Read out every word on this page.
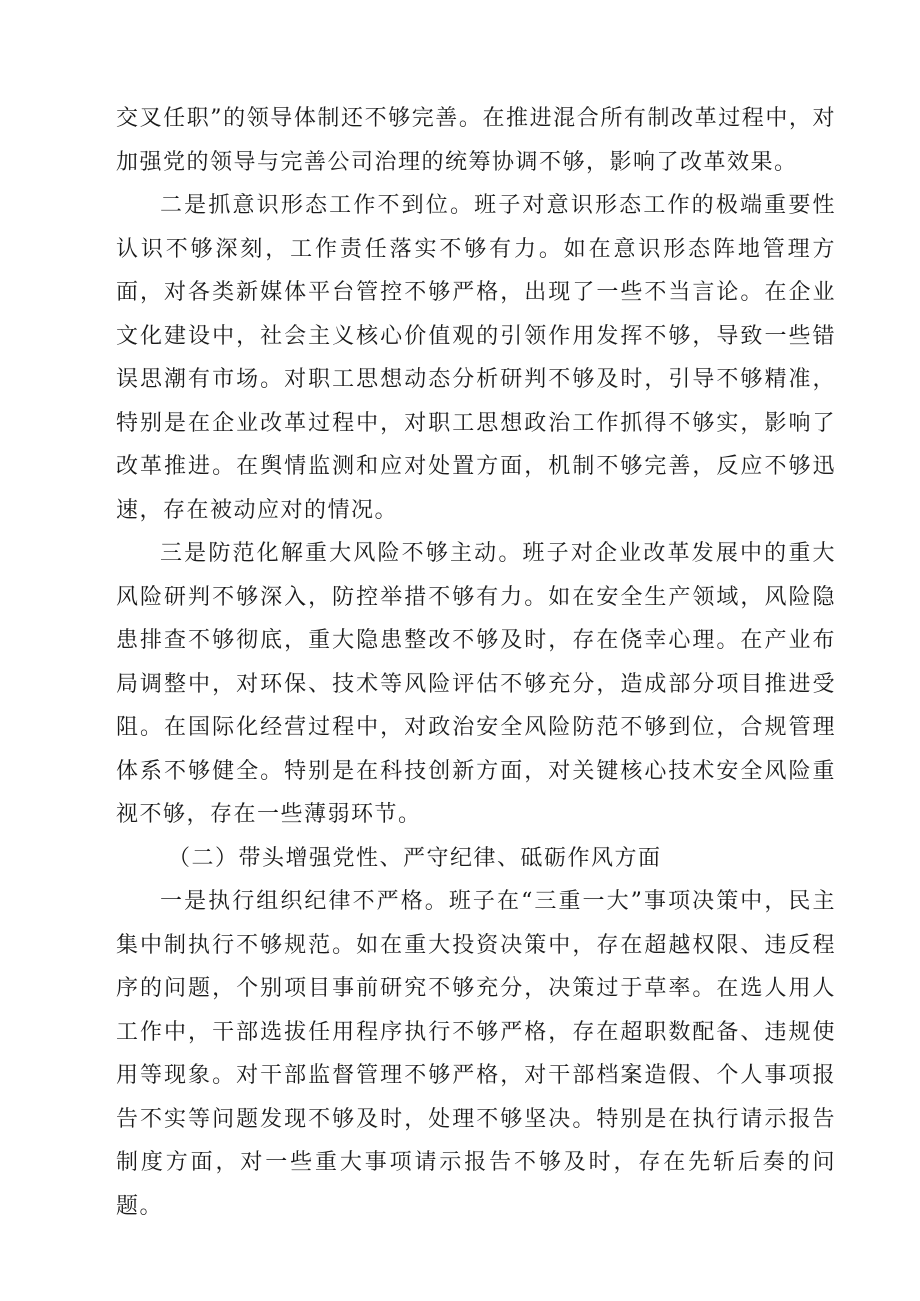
交叉任职”的领导体制还不够完善。在推进混合所有制改革过程中，对加强党的领导与完善公司治理的统筹协调不够，影响了改革效果。

二是抓意识形态工作不到位。班子对意识形态工作的极端重要性认识不够深刻，工作责任落实不够有力。如在意识形态阵地管理方面，对各类新媒体平台管控不够严格，出现了一些不当言论。在企业文化建设中，社会主义核心价值观的引领作用发挥不够，导致一些错误思潮有市场。对职工思想动态分析研判不够及时，引导不够精准，特别是在企业改革过程中，对职工思想政治工作抓得不够实，影响了改革推进。在舆情监测和应对处置方面，机制不够完善，反应不够迅速，存在被动应对的情况。

三是防范化解重大风险不够主动。班子对企业改革发展中的重大风险研判不够深入，防控举措不够有力。如在安全生产领域，风险隐患排查不够彻底，重大隐患整改不够及时，存在侥幸心理。在产业布局调整中，对环保、技术等风险评估不够充分，造成部分项目推进受阻。在国际化经营过程中，对政治安全风险防范不够到位，合规管理体系不够健全。特别是在科技创新方面，对关键核心技术安全风险重视不够，存在一些薄弱环节。

（二）带头增强党性、严守纪律、砥砺作风方面

一是执行组织纪律不严格。班子在“三重一大”事项决策中，民主集中制执行不够规范。如在重大投资决策中，存在超越权限、违反程序的问题，个别项目事前研究不够充分，决策过于草率。在选人用人工作中，干部选拔任用程序执行不够严格，存在超职数配备、违规使用等现象。对干部监督管理不够严格，对干部档案造假、个人事项报告不实等问题发现不够及时，处理不够坚决。特别是在执行请示报告制度方面，对一些重大事项请示报告不够及时，存在先斩后奏的问题。
